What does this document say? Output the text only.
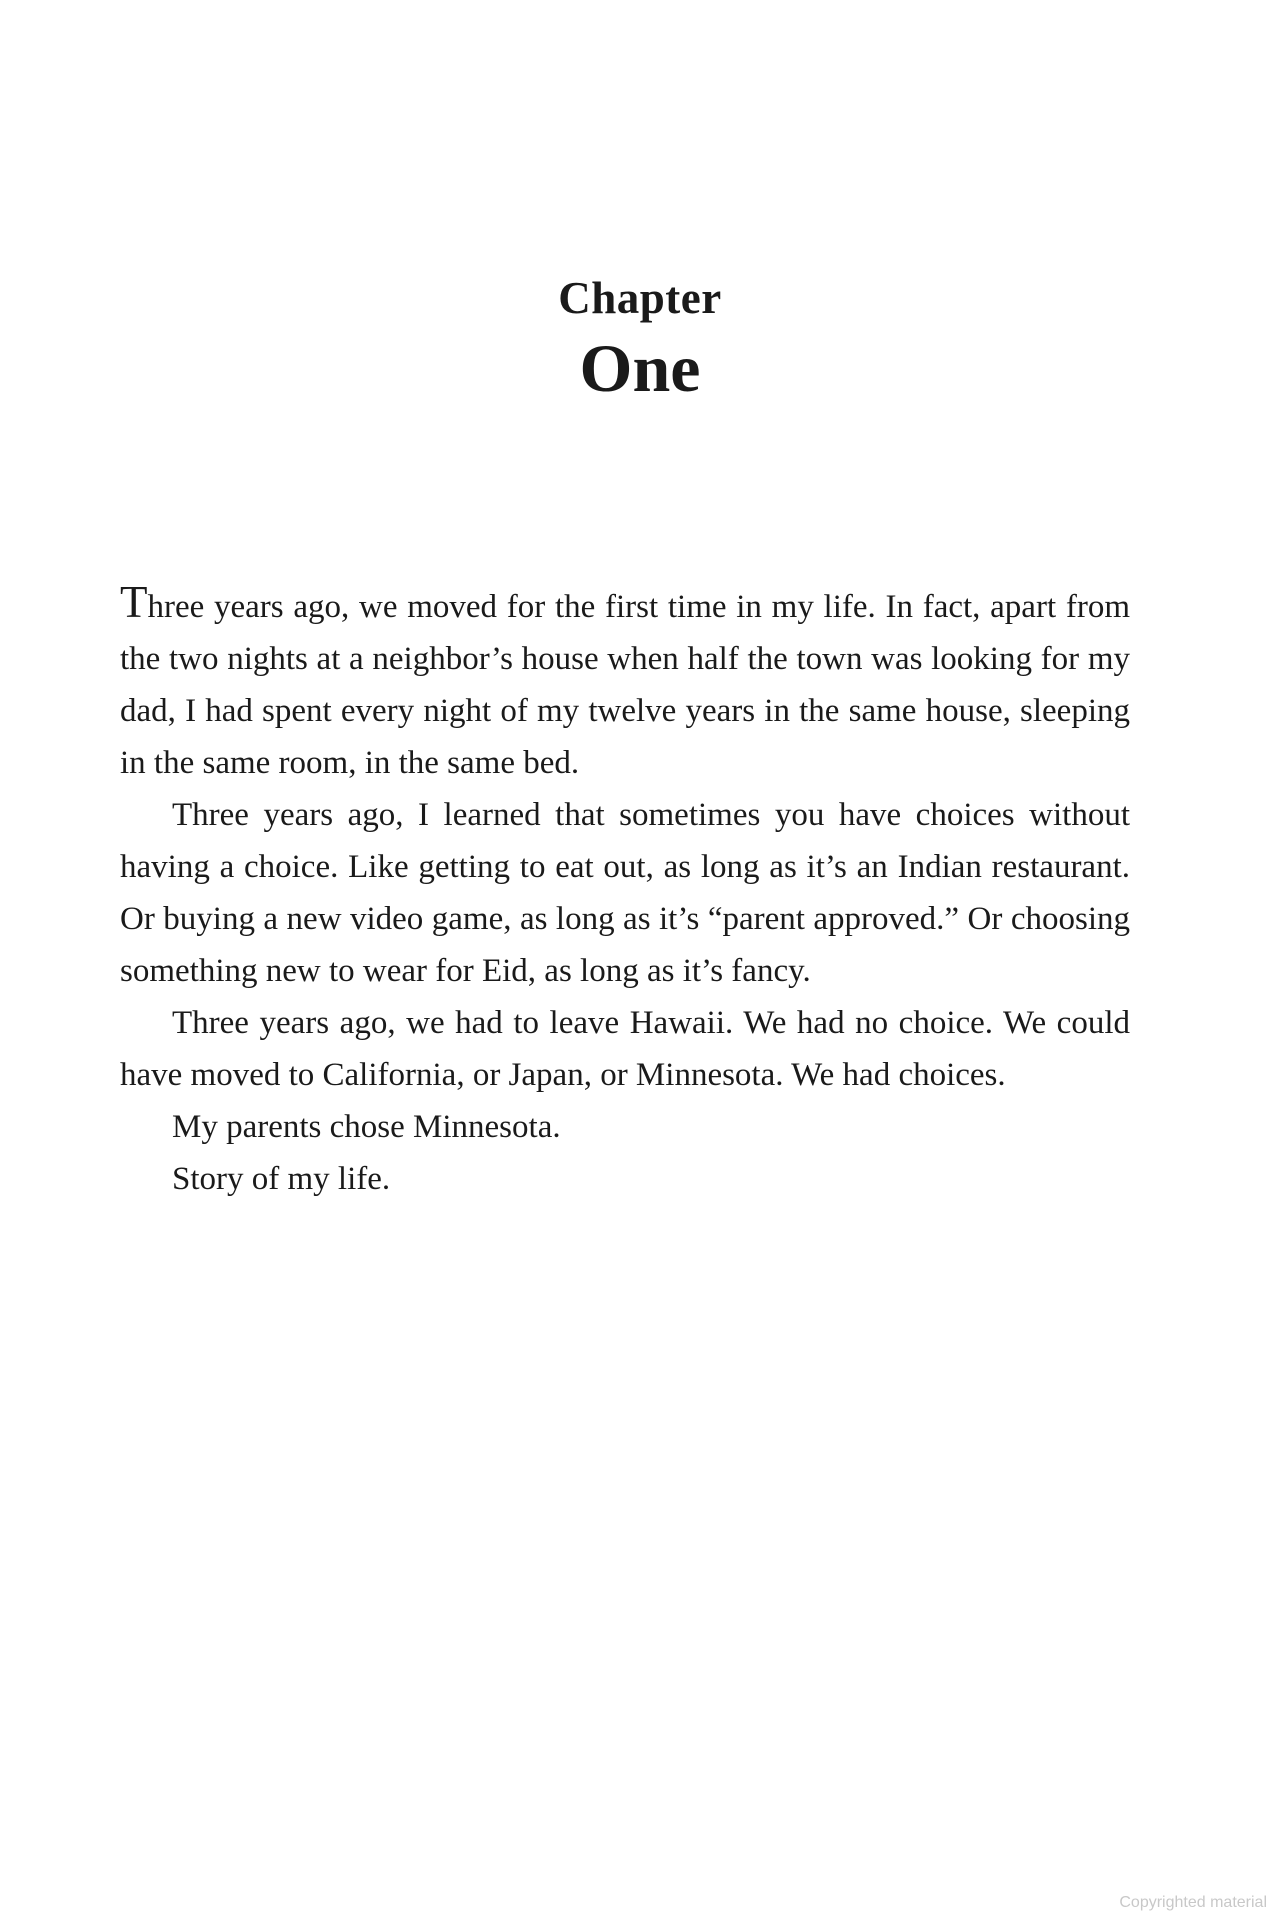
Chapter
One

Three years ago, we moved for the first time in my life. In fact, apart from the two nights at a neighbor’s house when half the town was looking for my dad, I had spent every night of my twelve years in the same house, sleeping in the same room, in the same bed.

Three years ago, I learned that sometimes you have choices without having a choice. Like getting to eat out, as long as it’s an Indian restaurant. Or buying a new video game, as long as it’s “parent approved.” Or choosing something new to wear for Eid, as long as it’s fancy.

Three years ago, we had to leave Hawaii. We had no choice. We could have moved to California, or Japan, or Minnesota. We had choices.

My parents chose Minnesota.

Story of my life.

Copyrighted material
